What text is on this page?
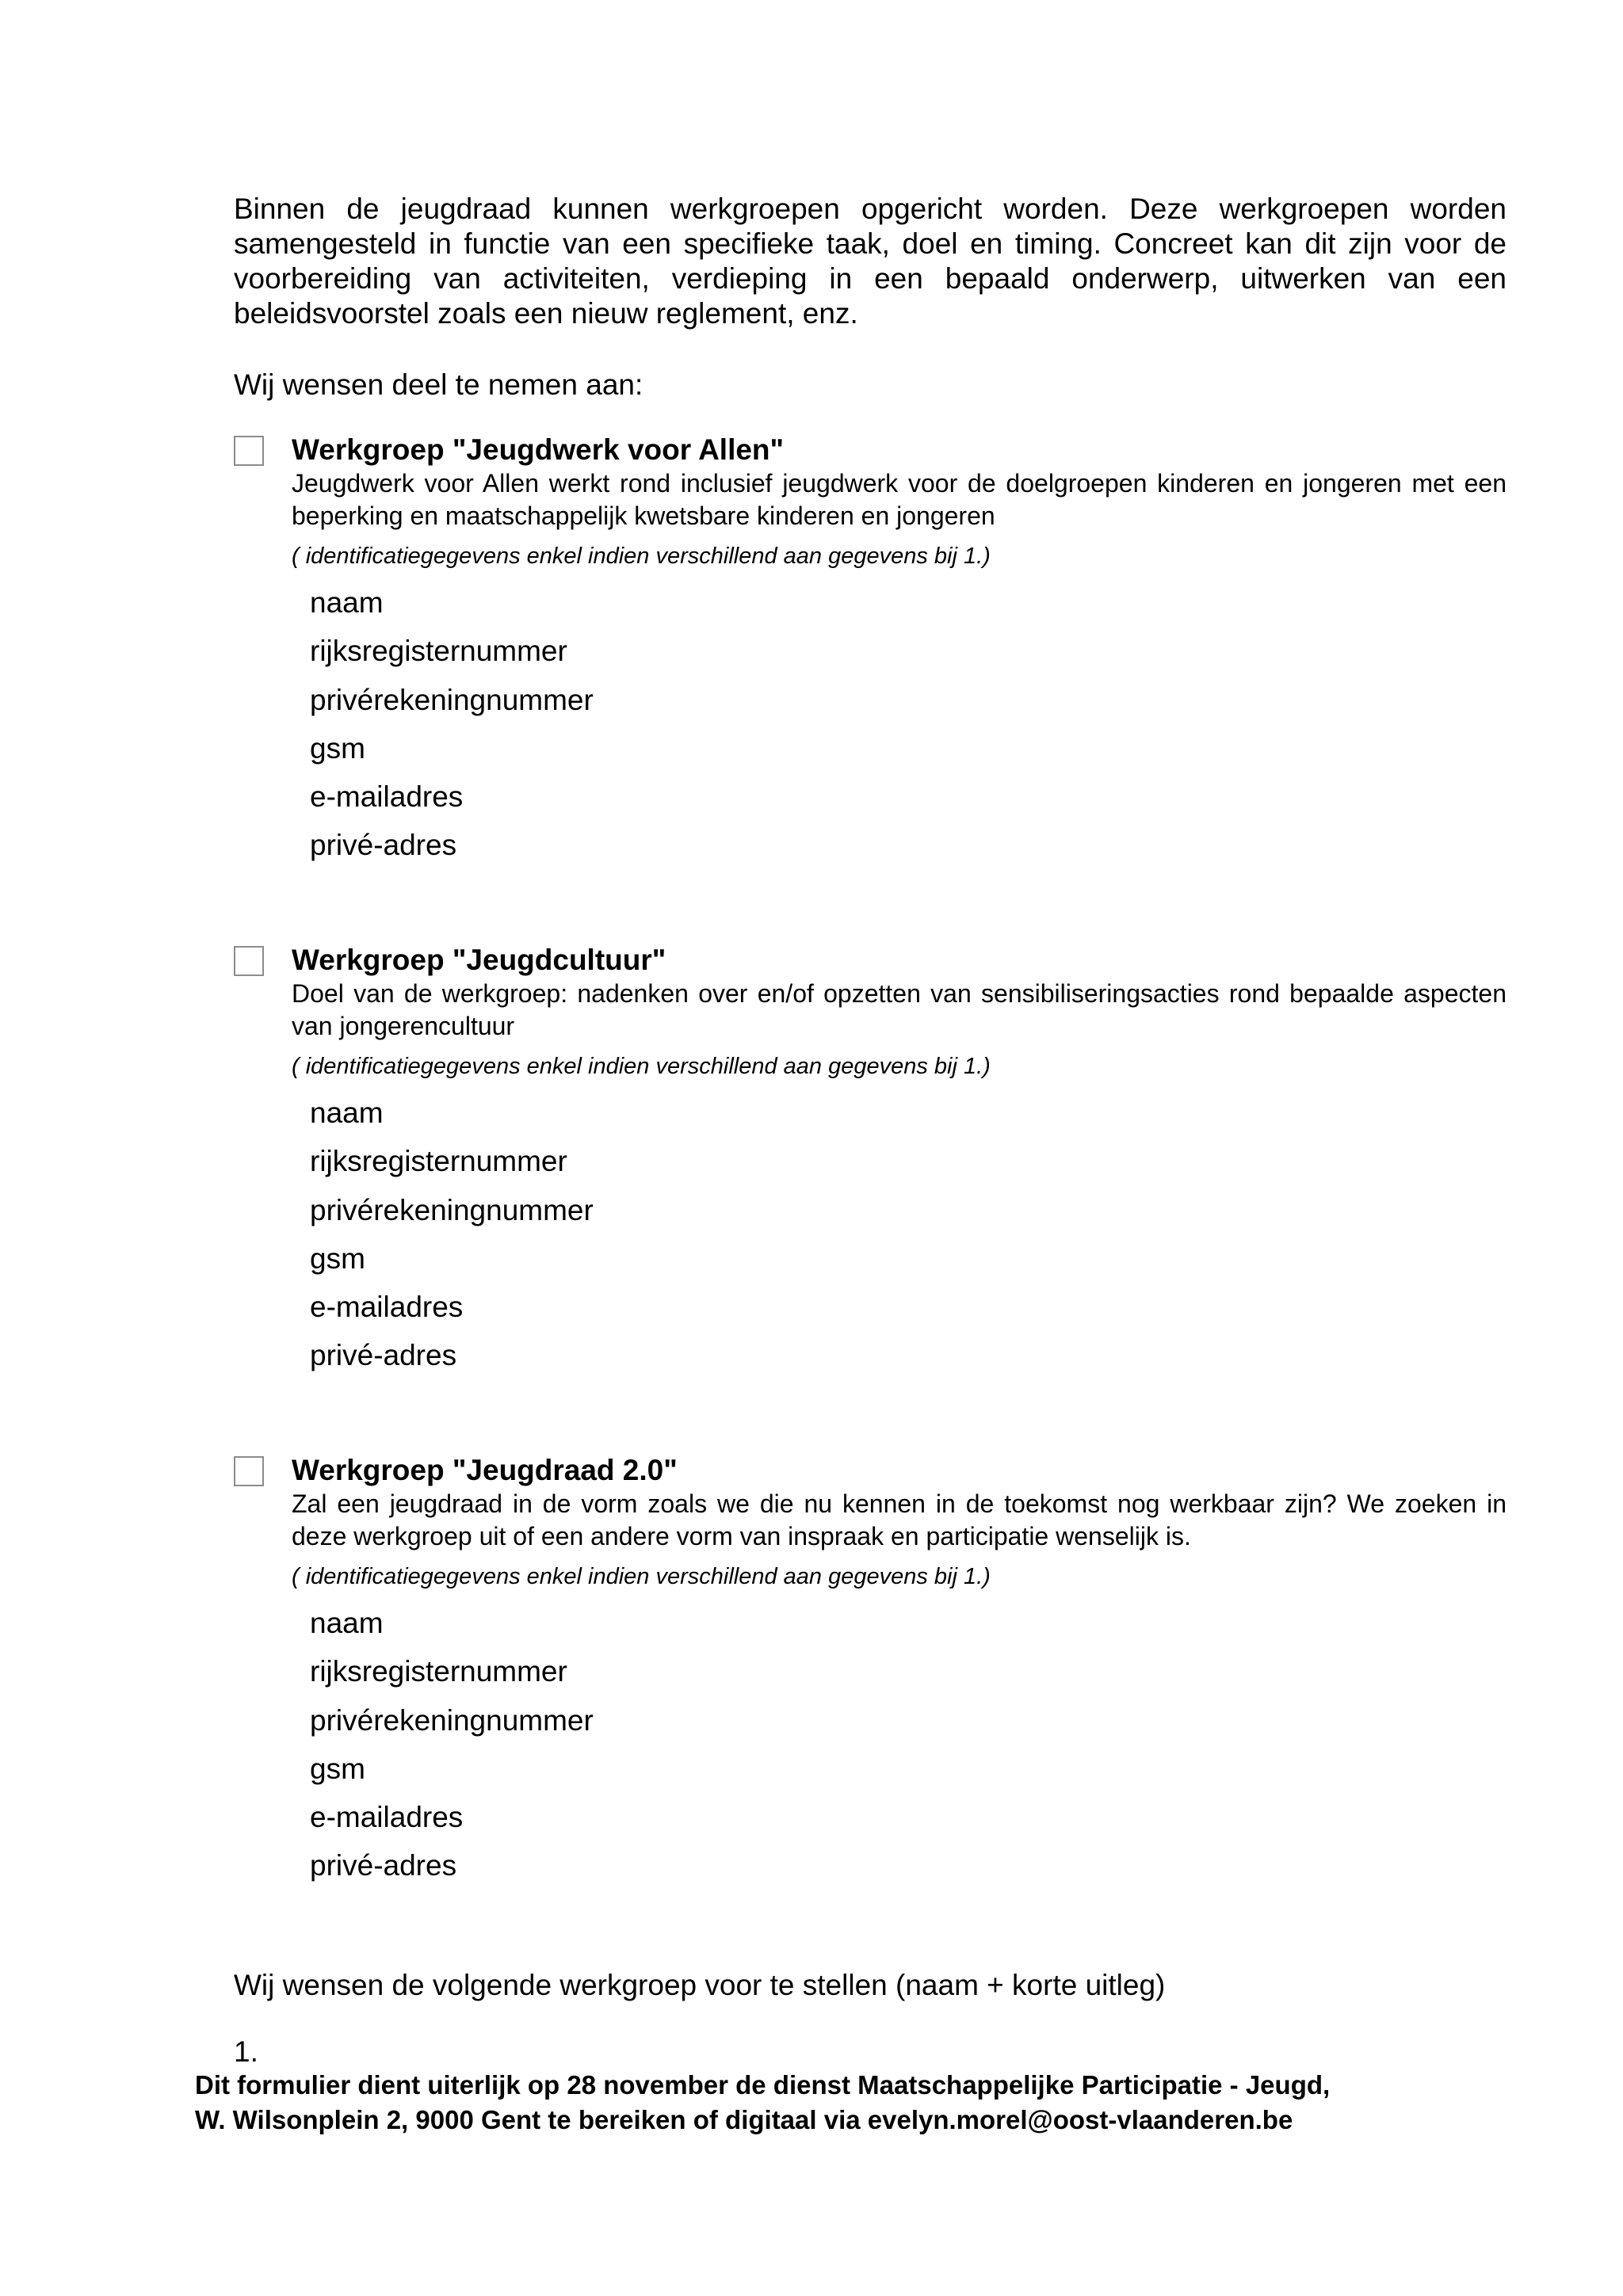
Binnen de jeugdraad kunnen werkgroepen opgericht worden. Deze werkgroepen worden samengesteld in functie van een specifieke taak, doel en timing. Concreet kan dit zijn voor de voorbereiding van activiteiten, verdieping in een bepaald onderwerp, uitwerken van een beleidsvoorstel zoals een nieuw reglement, enz.

Wij wensen deel te nemen aan:

Werkgroep "Jeugdwerk voor Allen"

Jeugdwerk voor Allen werkt rond inclusief jeugdwerk voor de doelgroepen kinderen en jongeren met een beperking en maatschappelijk kwetsbare kinderen en jongeren

( identificatiegegevens enkel indien verschillend aan gegevens bij 1.)

naam
rijksregisternummer
privérekeningnummer
gsm
e-mailadres
privé-adres

Werkgroep "Jeugdcultuur"

Doel van de werkgroep: nadenken over en/of opzetten van sensibiliseringsacties rond bepaalde aspecten van jongerencultuur

( identificatiegegevens enkel indien verschillend aan gegevens bij 1.)

naam
rijksregisternummer
privérekeningnummer
gsm
e-mailadres
privé-adres

Werkgroep "Jeugdraad 2.0"

Zal een jeugdraad in de vorm zoals we die nu kennen in de toekomst nog werkbaar zijn? We zoeken in deze werkgroep uit of een andere vorm van inspraak en participatie wenselijk is.

( identificatiegegevens enkel indien verschillend aan gegevens bij 1.)

naam
rijksregisternummer
privérekeningnummer
gsm
e-mailadres
privé-adres

Wij wensen de volgende werkgroep voor te stellen (naam + korte uitleg)

1.

Dit formulier dient uiterlijk op 28 november de dienst Maatschappelijke Participatie - Jeugd,
W. Wilsonplein 2, 9000 Gent te bereiken of digitaal via evelyn.morel@oost-vlaanderen.be
